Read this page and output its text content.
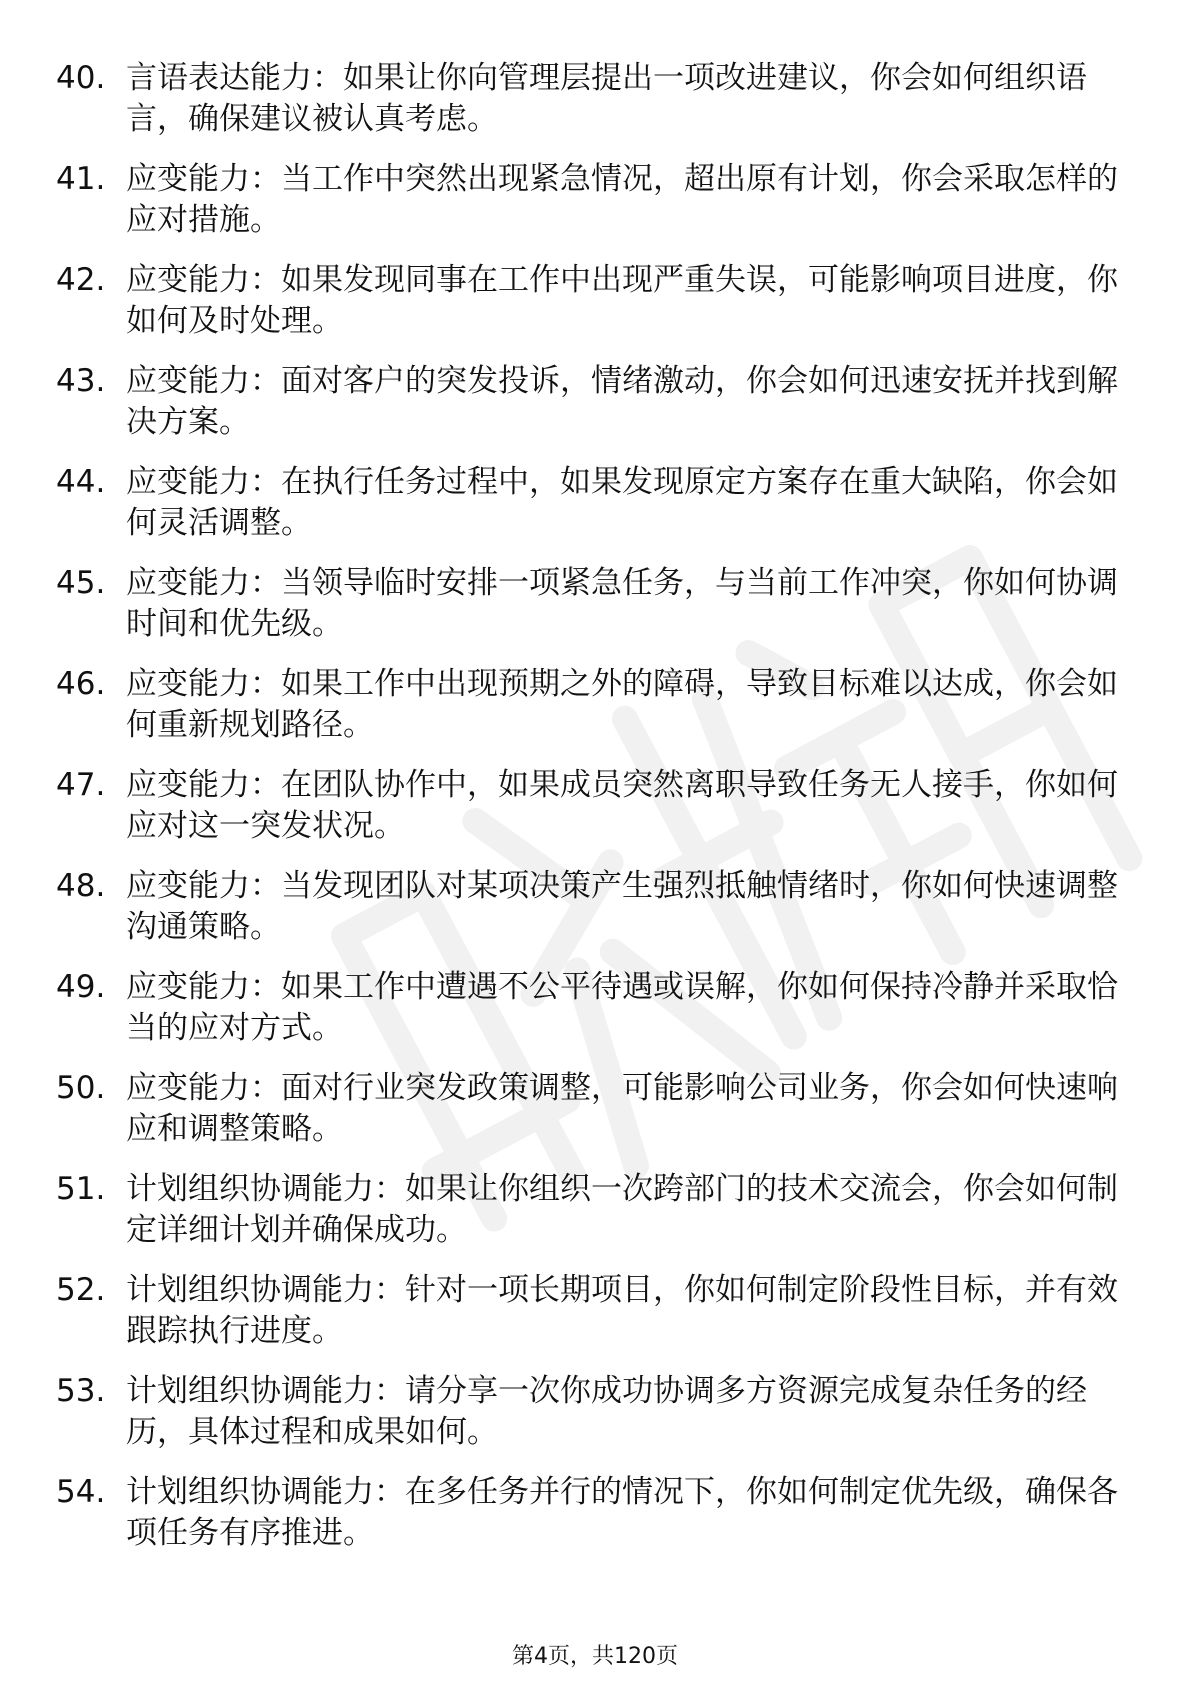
40. 言语表达能力：如果让你向管理层提出一项改进建议，你会如何组织语言，确保建议被认真考虑。
41. 应变能力：当工作中突然出现紧急情况，超出原有计划，你会采取怎样的应对措施。
42. 应变能力：如果发现同事在工作中出现严重失误，可能影响项目进度，你如何及时处理。
43. 应变能力：面对客户的突发投诉，情绪激动，你会如何迅速安抚并找到解决方案。
44. 应变能力：在执行任务过程中，如果发现原定方案存在重大缺陷，你会如何灵活调整。
45. 应变能力：当领导临时安排一项紧急任务，与当前工作冲突，你如何协调时间和优先级。
46. 应变能力：如果工作中出现预期之外的障碍，导致目标难以达成，你会如何重新规划路径。
47. 应变能力：在团队协作中，如果成员突然离职导致任务无人接手，你如何应对这一突发状况。
48. 应变能力：当发现团队对某项决策产生强烈抵触情绪时，你如何快速调整沟通策略。
49. 应变能力：如果工作中遭遇不公平待遇或误解，你如何保持冷静并采取恰当的应对方式。
50. 应变能力：面对行业突发政策调整，可能影响公司业务，你会如何快速响应和调整策略。
51. 计划组织协调能力：如果让你组织一次跨部门的技术交流会，你会如何制定详细计划并确保成功。
52. 计划组织协调能力：针对一项长期项目，你如何制定阶段性目标，并有效跟踪执行进度。
53. 计划组织协调能力：请分享一次你成功协调多方资源完成复杂任务的经历，具体过程和成果如何。
54. 计划组织协调能力：在多任务并行的情况下，你如何制定优先级，确保各项任务有序推进。
第4页，共120页
